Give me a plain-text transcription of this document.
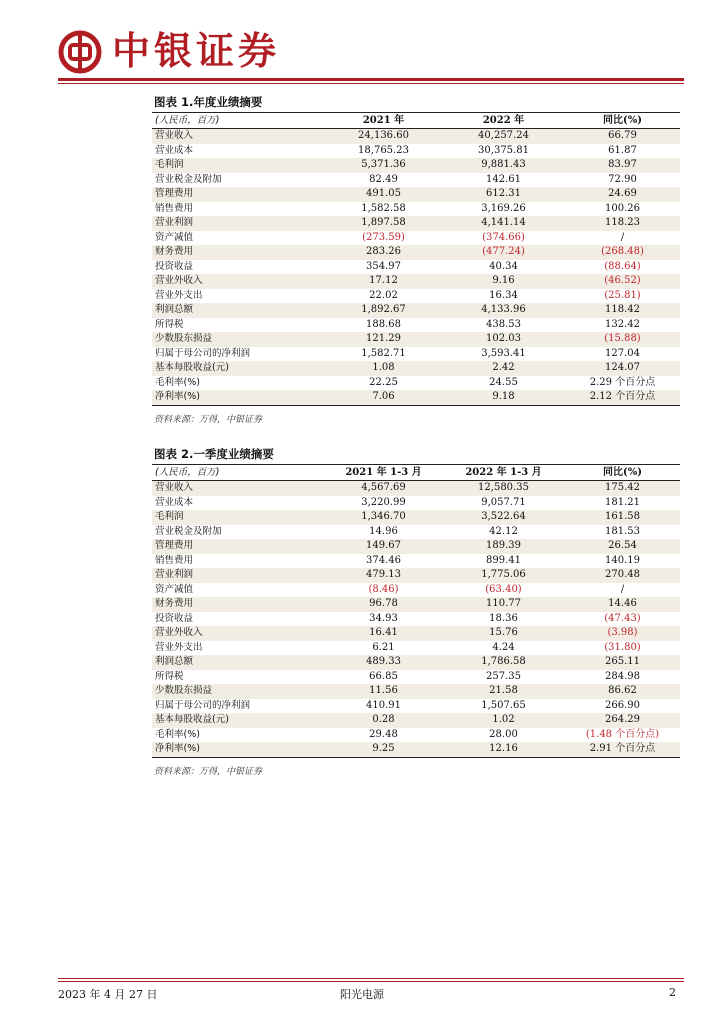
中银证券
图表 1.年度业绩摘要
(人民币，百万)	2021 年	2022 年	同比(%)
营业收入	24,136.60	40,257.24	66.79
营业成本	18,765.23	30,375.81	61.87
毛利润	5,371.36	9,881.43	83.97
营业税金及附加	82.49	142.61	72.90
管理费用	491.05	612.31	24.69
销售费用	1,582.58	3,169.26	100.26
营业利润	1,897.58	4,141.14	118.23
资产减值	(273.59)	(374.66)	/
财务费用	283.26	(477.24)	(268.48)
投资收益	354.97	40.34	(88.64)
营业外收入	17.12	9.16	(46.52)
营业外支出	22.02	16.34	(25.81)
利润总额	1,892.67	4,133.96	118.42
所得税	188.68	438.53	132.42
少数股东损益	121.29	102.03	(15.88)
归属于母公司的净利润	1,582.71	3,593.41	127.04
基本每股收益(元)	1.08	2.42	124.07
毛利率(%)	22.25	24.55	2.29 个百分点
净利率(%)	7.06	9.18	2.12 个百分点
资料来源：万得，中银证券
图表 2.一季度业绩摘要
(人民币，百万)	2021 年 1-3 月	2022 年 1-3 月	同比(%)
营业收入	4,567.69	12,580.35	175.42
营业成本	3,220.99	9,057.71	181.21
毛利润	1,346.70	3,522.64	161.58
营业税金及附加	14.96	42.12	181.53
管理费用	149.67	189.39	26.54
销售费用	374.46	899.41	140.19
营业利润	479.13	1,775.06	270.48
资产减值	(8.46)	(63.40)	/
财务费用	96.78	110.77	14.46
投资收益	34.93	18.36	(47.43)
营业外收入	16.41	15.76	(3.98)
营业外支出	6.21	4.24	(31.80)
利润总额	489.33	1,786.58	265.11
所得税	66.85	257.35	284.98
少数股东损益	11.56	21.58	86.62
归属于母公司的净利润	410.91	1,507.65	266.90
基本每股收益(元)	0.28	1.02	264.29
毛利率(%)	29.48	28.00	(1.48 个百分点)
净利率(%)	9.25	12.16	2.91 个百分点
资料来源：万得，中银证券
2023 年 4 月 27 日	阳光电源	2
